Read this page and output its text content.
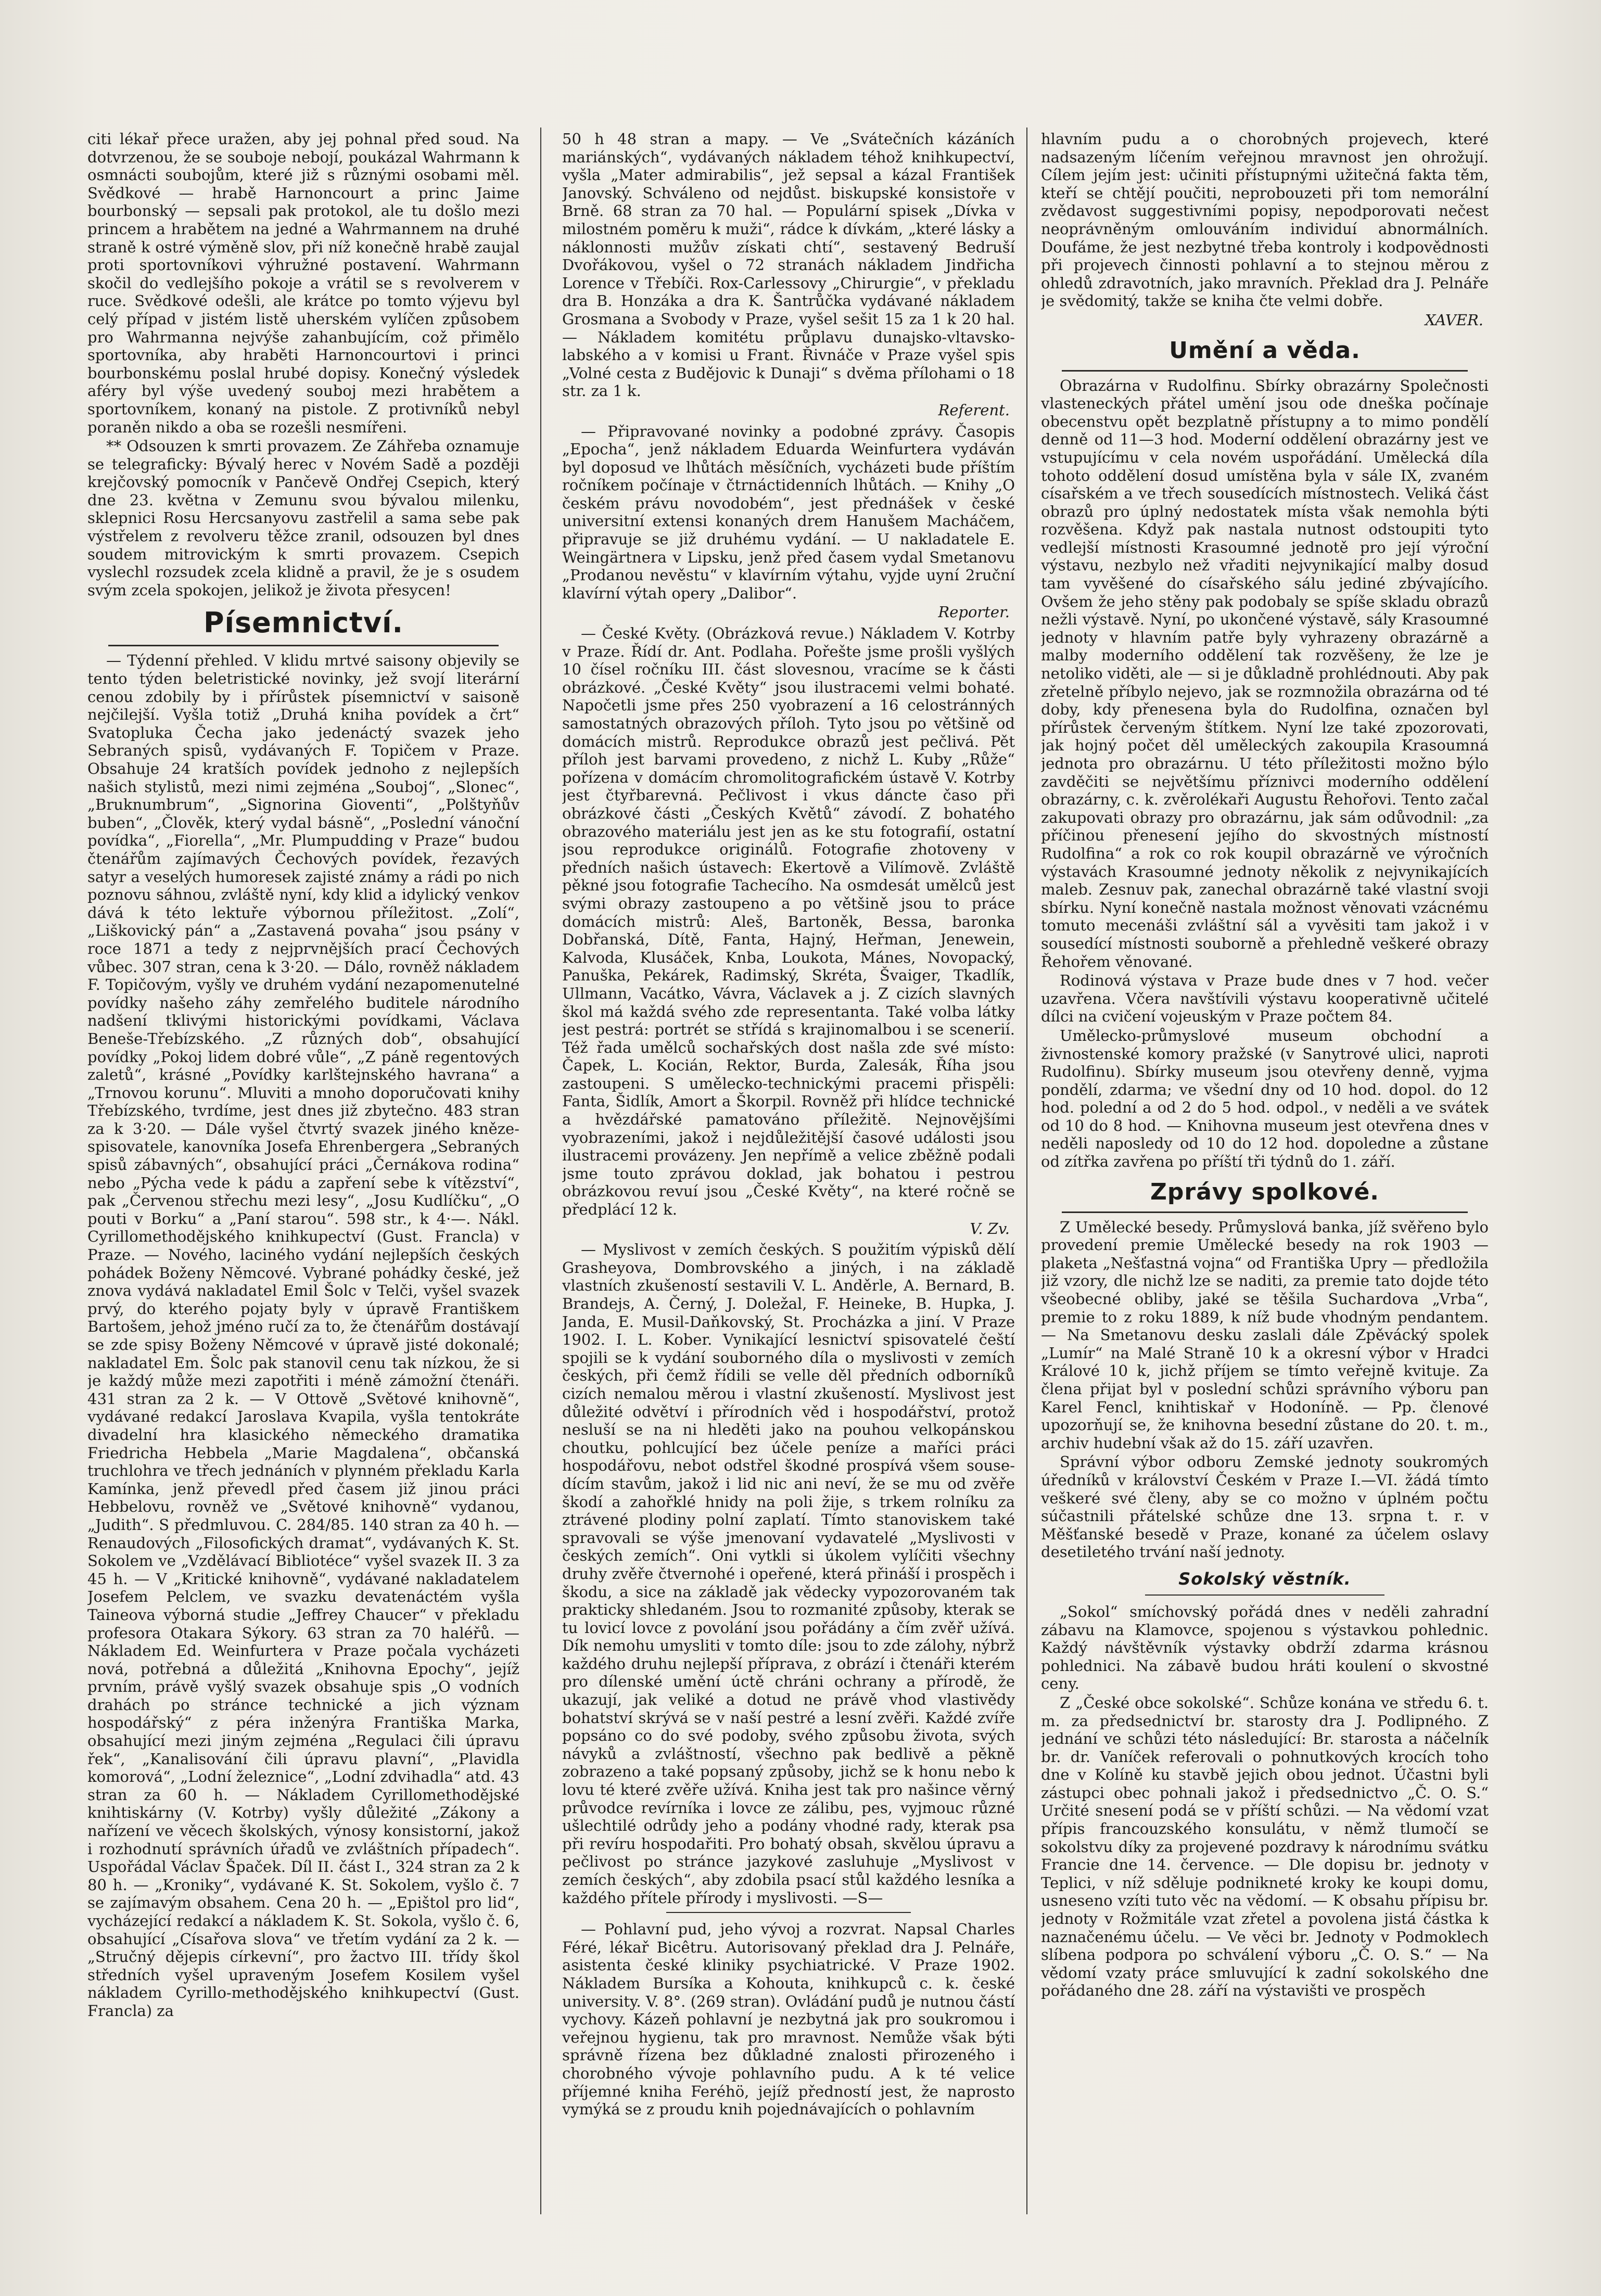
citi lékař přece uražen, aby jej pohnal před soud. Na dotvrzenou, že se souboje nebojí, poukázal Wahrmann k osmnácti soubojům, které již s různými osobami měl. Svědkové — hrabě Harnoncourt a princ Jaime bourbonský — sepsali pak protokol, ale tu došlo mezi princem a hrabětem na jedné a Wahrmannem na druhé straně k ostré výměně slov, při níž konečně hrabě zaujal proti sportovníkovi výhružné postavení. Wahrmann skočil do vedlejšího pokoje a vrátil se s revolverem v ruce. Svědkové odešli, ale krátce po tomto výjevu byl celý případ v jistém listě uherském vylíčen způsobem pro Wahrmanna nejvýše zahanbujícím, což přimělo sportovníka, aby hraběti Harnoncourtovi i princi bourbonskému poslal hrubé dopisy. Konečný výsledek aféry byl výše uvedený souboj mezi hrabětem a sportovníkem, konaný na pistole. Z protivníků nebyl poraněn nikdo a oba se rozešli nesmířeni.

** Odsouzen k smrti provazem. Ze Záhřeba oznamuje se telegraficky: Bývalý herec v Novém Sadě a později krejčovský pomocník v Pančevě Ondřej Csepich, který dne 23. května v Zemunu svou bývalou milenku, sklepnici Rosu Hercsanyovu zastřelil a sama sebe pak výstřelem z revolveru těžce zranil, odsouzen byl dnes soudem mitrovickým k smrti provazem. Csepich vyslechl rozsudek zcela klidně a pravil, že je s osudem svým zcela spokojen, jelikož je života přesycen!

Písemnictví.

— Týdenní přehled. V klidu mrtvé saisony objevily se tento týden beletristické novinky, jež svojí literární cenou zdobily by i přírůstek písemnictví v saisoně nejčilejší. Vyšla totiž „Druhá kniha povídek a črt“ Svatopluka Čecha jako jedenáctý svazek jeho Sebraných spisů, vydávaných F. Topičem v Praze. Obsahuje 24 kratších povídek jednoho z nejlepších našich stylistů, mezi nimi zejména „Souboj“, „Slonec“, „Bruknumbrum“, „Signorina Gioventi“, „Polštyňův buben“, „Člověk, který vydal básně“, „Poslední vánoční povídka“, „Fiorella“, „Mr. Plumpudding v Praze“ budou čtenářům zajímavých Čechových povídek, řezavých satyr a veselých humoresek zajisté známy a rádi po nich poznovu sáhnou, zvláště nyní, kdy klid a idylický venkov dává k této lektuře výbornou příležitost. „Zolí“, „Liškovický pán“ a „Zastavená povaha“ jsou psány v roce 1871 a tedy z nejprvnějších prací Čechových vůbec. 307 stran, cena k 3·20. — Dálo, rovněž nákladem F. Topičovým, vyšly ve druhém vydání nezapomenutelné povídky našeho záhy zemřelého buditele národního nadšení tklivými historickými povídkami, Václava Beneše-Třebízského. „Z různých dob“, obsahující povídky „Pokoj lidem dobré vůle“, „Z páně regentových zaletů“, krásné „Povídky karlštejnského havrana“ a „Trnovou korunu“. Mluviti a mnoho doporučovati knihy Třebízského, tvrdíme, jest dnes již zbytečno. 483 stran za k 3·20. — Dále vyšel čtvrtý svazek jiného kněze-spisovatele, kanovníka Josefa Ehrenbergera „Sebraných spisů zábavných“, obsahující práci „Černákova rodina“ nebo „Pýcha vede k pádu a zapření sebe k vítězství“, pak „Červenou střechu mezi lesy“, „Josu Kudlíčku“, „O pouti v Borku“ a „Paní starou“. 598 str., k 4·—. Nákl. Cyrillomethodějského knihkupectví (Gust. Francla) v Praze. — Nového, laciného vydání nejlepších českých pohádek Boženy Němcové. Vybrané pohádky české, jež znova vydává nakladatel Emil Šolc v Telči, vyšel svazek prvý, do kterého pojaty byly v úpravě Františkem Bartošem, jehož jméno ručí za to, že čtenářům dostávají se zde spisy Boženy Němcové v úpravě jisté dokonalé; nakladatel Em. Šolc pak stanovil cenu tak nízkou, že si je každý může mezi zapotřiti i méně zámožní čtenáři. 431 stran za 2 k. — V Ottově „Světové knihovně“, vydávané redakcí Jaroslava Kvapila, vyšla tentokráte divadelní hra klasického německého dramatika Friedricha Hebbela „Marie Magdalena“, občanská truchlohra ve třech jednáních v plynném překladu Karla Kamínka, jenž převedl před časem již jinou práci Hebbelovu, rovněž ve „Světové knihovně“ vydanou, „Judith“. S předmluvou. C. 284/85. 140 stran za 40 h. — Renaudových „Filosofických dramat“, vydávaných K. St. Sokolem ve „Vzdělávací Bibliotéce“ vyšel svazek II. 3 za 45 h. — V „Kritické knihovně“, vydávané nakladatelem Josefem Pelclem, ve svazku devatenáctém vyšla Taineova výborná studie „Jeffrey Chaucer“ v překladu profesora Otakara Sýkory. 63 stran za 70 haléřů. — Nákladem Ed. Weinfurtera v Praze počala vycházeti nová, potřebná a důležitá „Knihovna Epochy“, jejíž prvním, právě vyšlý svazek obsahuje spis „O vodních drahách po stránce technické a jich význam hospodářský“ z péra inženýra Františka Marka, obsahující mezi jiným zejména „Regulaci čili úpravu řek“, „Kanalisování čili úpravu plavní“, „Plavidla komorová“, „Lodní železnice“, „Lodní zdvihadla“ atd. 43 stran za 60 h. — Nákladem Cyrillomethodějské knihtiskárny (V. Kotrby) vyšly důležité „Zákony a nařízení ve věcech školských, výnosy konsistorní, jakož i rozhodnutí správních úřadů ve zvláštních případech“. Uspořádal Václav Špaček. Díl II. část I., 324 stran za 2 k 80 h. — „Kroniky“, vydávané K. St. Sokolem, vyšlo č. 7 se zajímavým obsahem. Cena 20 h. — „Epištol pro lid“, vycházející redakcí a nákladem K. St. Sokola, vyšlo č. 6, obsahující „Císařova slova“ ve třetím vydání za 2 k. — „Stručný dějepis církevní“, pro žactvo III. třídy škol středních vyšel upraveným Josefem Kosilem vyšel nákladem Cyrillo-methodějského knihkupectví (Gust. Francla) za

50 h 48 stran a mapy. — Ve „Svátečních kázáních mariánských“, vydávaných nákladem téhož knihkupectví, vyšla „Mater admirabilis“, jež sepsal a kázal František Janovský. Schváleno od nejdůst. biskupské konsistoře v Brně. 68 stran za 70 hal. — Populární spisek „Dívka v milostném poměru k muži“, rádce k dívkám, „které lásky a náklonnosti mužův získati chtí“, sestavený Bedruší Dvořákovou, vyšel o 72 stranách nákladem Jindřicha Lorence v Třebíči. Rox-Carlessovy „Chirurgie“, v překladu dra B. Honzáka a dra K. Šantrůčka vydávané nákladem Grosmana a Svobody v Praze, vyšel sešit 15 za 1 k 20 hal. — Nákladem komitétu průplavu dunajsko-vltavsko-labského a v komisi u Frant. Řivnáče v Praze vyšel spis „Volné cesta z Budějovic k Dunaji“ s dvěma přílohami o 18 str. za 1 k.

Referent.

— Připravované novinky a podobné zprávy. Časopis „Epocha“, jenž nákladem Eduarda Weinfurtera vydáván byl doposud ve lhůtách měsíčních, vycházeti bude příštím ročníkem počínaje v čtrnáctidenních lhůtách. — Knihy „O českém právu novodobém“, jest přednášek v české universitní extensi konaných drem Hanušem Macháčem, připravuje se již druhému vydání. — U nakladatele E. Weingärtnera v Lipsku, jenž před časem vydal Smetanovu „Prodanou nevěstu“ v klavírním výtahu, vyjde uyní 2ruční klavírní výtah opery „Dalibor“.

Reporter.

— České Květy. (Obrázková revue.) Nákladem V. Kotrby v Praze. Řídí dr. Ant. Podlaha. Pořešte jsme prošli vyšlých 10 čísel ročníku III. část slovesnou, vracíme se k části obrázkové. „České Květy“ jsou ilustracemi velmi bohaté. Napočetli jsme přes 250 vyobrazení a 16 celostránných samostatných obrazových příloh. Tyto jsou po většině od domácích mistrů. Reprodukce obrazů jest pečlivá. Pět příloh jest barvami provedeno, z nichž L. Kuby „Růže“ pořízena v domácím chromolitografickém ústavě V. Kotrby jest čtyřbarevná. Pečlivost i vkus dáncte časo při obrázkové části „Českých Květů“ závodí. Z bohatého obrazového materiálu jest jen as ke stu fotografií, ostatní jsou reprodukce originálů. Fotografie zhotoveny v předních našich ústavech: Ekertově a Vilímově. Zvláště pěkné jsou fotografie Tachecího. Na osmdesát umělců jest svými obrazy zastoupeno a po většině jsou to práce domácích mistrů: Aleš, Bartoněk, Bessa, baronka Dobřanská, Dítě, Fanta, Hajný, Heřman, Jenewein, Kalvoda, Klusáček, Knba, Loukota, Mánes, Novopacký, Panuška, Pekárek, Radimský, Skréta, Švaiger, Tkadlík, Ullmann, Vacátko, Vávra, Václavek a j. Z cizích slavných škol má každá svého zde representanta. Také volba látky jest pestrá: portrét se střídá s krajinomalbou i se scenerií. Též řada umělců sochařských dost našla zde své místo: Čapek, L. Kocián, Rektor, Burda, Zalesák, Říha jsou zastoupeni. S umělecko-technickými pracemi přispěli: Fanta, Šidlík, Amort a Škorpil. Rovněž při hlídce technické a hvězdářské pamatováno příležitě. Nejnovějšími vyobrazeními, jakož i nejdůležitější časové události jsou ilustracemi provázeny. Jen nepřímě a velice zběžně podali jsme touto zprávou doklad, jak bohatou i pestrou obrázkovou revuí jsou „České Květy“, na které ročně se předplácí 12 k.

V. Zv.

— Myslivost v zemích českých. S použitím výpisků dělí Grasheyova, Dombrovského a jiných, i na základě vlastních zkušeností sestavili V. L. Anděrle, A. Bernard, B. Brandejs, A. Černý, J. Doležal, F. Heineke, B. Hupka, J. Janda, E. Musil-Daňkovský, St. Procházka a jiní. V Praze 1902. I. L. Kober. Vynikající lesnictví spisovatelé čeští spojili se k vydání souborného díla o myslivosti v zemích českých, při čemž řídili se velle děl předních odborníků cizích nemalou měrou i vlastní zkušeností. Myslivost jest důležité odvětví i přírodních věd i hospodářství, protož nesluší se na ni hleděti jako na pouhou velkopánskou choutku, pohlcující bez účele peníze a maříci práci hospodářovu, nebot odstřel škodné prospívá všem sousedícím stavům, jakož i lid nic ani neví, že se mu od zvěře škodí a zahořklé hnidy na poli žije, s trkem rolníku za ztrávené plodiny polní zaplatí. Tímto stanoviskem také spravovali se výše jmenovaní vydavatelé „Myslivosti v českých zemích“. Oni vytkli si úkolem vylíčiti všechny druhy zvěře čtvernohé i opeřené, která přináší i prospěch i škodu, a sice na základě jak vědecky vypozorovaném tak prakticky shledaném. Jsou to rozmanité způsoby, kterak se tu lovicí lovce z povolání jsou pořádány a čím zvěř užívá. Dík nemohu umysliti v tomto díle: jsou to zde zálohy, nýbrž každého druhu nejlepší příprava, z obrází i čtenáři kterém pro dílenské umění úctě chráni ochrany a přírodě, že ukazují, jak veliké a dotud ne právě vhod vlastivědy bohatství skrývá se v naší pestré a lesní zvěři. Každé zvíře popsáno co do své podoby, svého způsobu života, svých návyků a zvláštností, všechno pak bedlivě a pěkně zobrazeno a také popsaný způsoby, jichž se k honu nebo k lovu té které zvěře užívá. Kniha jest tak pro našince věrný průvodce revírníka i lovce ze zálibu, pes, vyjmouc různé ušlechtilé odrůdy jeho a podány vhodné rady, kterak psa při revíru hospodařiti. Pro bohatý obsah, skvělou úpravu a pečlivost po stránce jazykové zasluhuje „Myslivost v zemích českých“, aby zdobila psací stůl každého lesníka a každého přítele přírody i myslivosti. —S—

— Pohlavní pud, jeho vývoj a rozvrat. Napsal Charles Féré, lékař Bicêtru. Autorisovaný překlad dra J. Pelnáře, asistenta české kliniky psychiatrické. V Praze 1902. Nákladem Bursíka a Kohouta, knihkupců c. k. české university. V. 8°. (269 stran). Ovládání pudů je nutnou částí vychovy. Kázeň pohlavní je nezbytná jak pro soukromou i veřejnou hygienu, tak pro mravnost. Nemůže však býti správně řízena bez důkladné znalosti přirozeného i chorobného vývoje pohlavního pudu. A k té velice příjemné kniha Feréhö, jejíž předností jest, že naprosto vymýká se z proudu knih pojednávajících o pohlavním

hlavním pudu a o chorobných projevech, které nadsazeným líčením veřejnou mravnost jen ohrožují. Cílem jejím jest: učiniti přístupnými užitečná fakta těm, kteří se chtějí poučiti, neprobouzeti při tom nemorální zvědavost suggestivními popisy, nepodporovati nečest neoprávněným omlouváním individuí abnormálních. Doufáme, že jest nezbytné třeba kontroly i kodpovědnosti při projevech činnosti pohlavní a to stejnou měrou z ohledů zdravotních, jako mravních. Překlad dra J. Pelnáře je svědomitý, takže se kniha čte velmi dobře.

XAVER.
Umění a věda.

Obrazárna v Rudolfinu. Sbírky obrazárny Společnosti vlasteneckých přátel umění jsou ode dneška počínaje obecenstvu opět bezplatně přístupny a to mimo pondělí denně od 11—3 hod. Moderní oddělení obrazárny jest ve vstupujícímu v cela novém uspořádání. Umělecká díla tohoto oddělení dosud umístěna byla v sále IX, zvaném císařském a ve třech sousedících místnostech. Veliká část obrazů pro úplný nedostatek místa však nemohla býti rozvěšena. Když pak nastala nutnost odstoupiti tyto vedlejší místnosti Krasoumné jednotě pro její výroční výstavu, nezbylo než vřaditi nejvynikající malby dosud tam vyvěšené do císařského sálu jediné zbývajícího. Ovšem že jeho stěny pak podobaly se spíše skladu obrazů nežli výstavě. Nyní, po ukončené výstavě, sály Krasoumné jednoty v hlavním patře byly vyhrazeny obrazárně a malby moderního oddělení tak rozvěšeny, že lze je netoliko viděti, ale — si je důkladně prohlédnouti. Aby pak zřetelně příbylo nejevo, jak se rozmnožila obrazárna od té doby, kdy přenesena byla do Rudolfina, označen byl přírůstek červeným štítkem. Nyní lze také zpozorovati, jak hojný počet děl uměleckých zakoupila Krasoumná jednota pro obrazárnu. U této příležitosti možno býlo zavděčiti se největšímu příznivci moderního oddělení obrazárny, c. k. zvěrolékaři Augustu Řehořovi. Tento začal zakupovati obrazy pro obrazárnu, jak sám odůvodnil: „za příčinou přenesení jejího do skvostných místností Rudolfina“ a rok co rok koupil obrazárně ve výročních výstavách Krasoumné jednoty několik z nejvynikajících maleb. Zesnuv pak, zanechal obrazárně také vlastní svoji sbírku. Nyní konečně nastala možnost věnovati vzácnému tomuto mecenáši zvláštní sál a vyvěsiti tam jakož i v sousedící místnosti souborně a přehledně veškeré obrazy Řehořem věnované.

Rodinová výstava v Praze bude dnes v 7 hod. večer uzavřena. Včera navštívili výstavu kooperativně učitelé dílci na cvičení vojeuským v Praze počtem 84.

Umělecko-průmyslové museum obchodní a živnostenské komory pražské (v Sanytrové ulici, naproti Rudolfinu). Sbírky museum jsou otevřeny denně, vyjma pondělí, zdarma; ve všední dny od 10 hod. dopol. do 12 hod. polední a od 2 do 5 hod. odpol., v neděli a ve svátek od 10 do 8 hod. — Knihovna museum jest otevřena dnes v neděli naposledy od 10 do 12 hod. dopoledne a zůstane od zítřka zavřena po příští tři týdnů do 1. září.

Zprávy spolkové.

Z Umělecké besedy. Průmyslová banka, jíž svěřeno bylo provedení premie Umělecké besedy na rok 1903 — plaketa „Nešťastná vojna“ od Františka Upry — předložila již vzory, dle nichž lze se naditi, za premie tato dojde této všeobecné obliby, jaké se těšila Suchardova „Vrba“, premie to z roku 1889, k níž bude vhodným pendantem. — Na Smetanovu desku zaslali dále Zpěvácký spolek „Lumír“ na Malé Straně 10 k a okresní výbor v Hradci Králové 10 k, jichž příjem se tímto veřejně kvituje. Za člena přijat byl v poslední schůzi správního výboru pan Karel Fencl, knihtiskař v Hodoníně. — Pp. členové upozorňují se, že knihovna besední zůstane do 20. t. m., archiv hudební však až do 15. září uzavřen.

Správní výbor odboru Zemské jednoty soukromých úředníků v království Českém v Praze I.—VI. žádá tímto veškeré své členy, aby se co možno v úplném počtu súčastnili přátelské schůze dne 13. srpna t. r. v Měšťanské besedě v Praze, konané za účelem oslavy desetiletého trvání naší jednoty.

Sokolský věstník.

„Sokol“ smíchovský pořádá dnes v neděli zahradní zábavu na Klamovce, spojenou s výstavkou pohlednic. Každý návštěvník výstavky obdrží zdarma krásnou pohlednici. Na zábavě budou hráti koulení o skvostné ceny.

Z „České obce sokolské“. Schůze konána ve středu 6. t. m. za předsednictví br. starosty dra J. Podlipného. Z jednání ve schůzi této následující: Br. starosta a náčelník br. dr. Vaníček referovali o pohnutkových krocích toho dne v Kolíně ku stavbě jejich obou jednot. Účastni byli zástupci obec pohnali jakož i předsednictvo „Č. O. S.“ Určité snesení podá se v příští schůzi. — Na vědomí vzat přípis francouzského konsulátu, v němž tlumočí se sokolstvu díky za projevené pozdravy k národnímu svátku Francie dne 14. července. — Dle dopisu br. jednoty v Teplici, v níž sděluje podnikneté kroky ke koupi domu, usneseno vzíti tuto věc na vědomí. — K obsahu přípisu br. jednoty v Rožmitále vzat zřetel a povolena jistá částka k naznačenému účelu. — Ve věci br. Jednoty v Podmoklech slíbena podpora po schválení výboru „Č. O. S.“ — Na vědomí vzaty práce smluvující k zadní sokolského dne pořádaného dne 28. září na výstavišti ve prospěch
